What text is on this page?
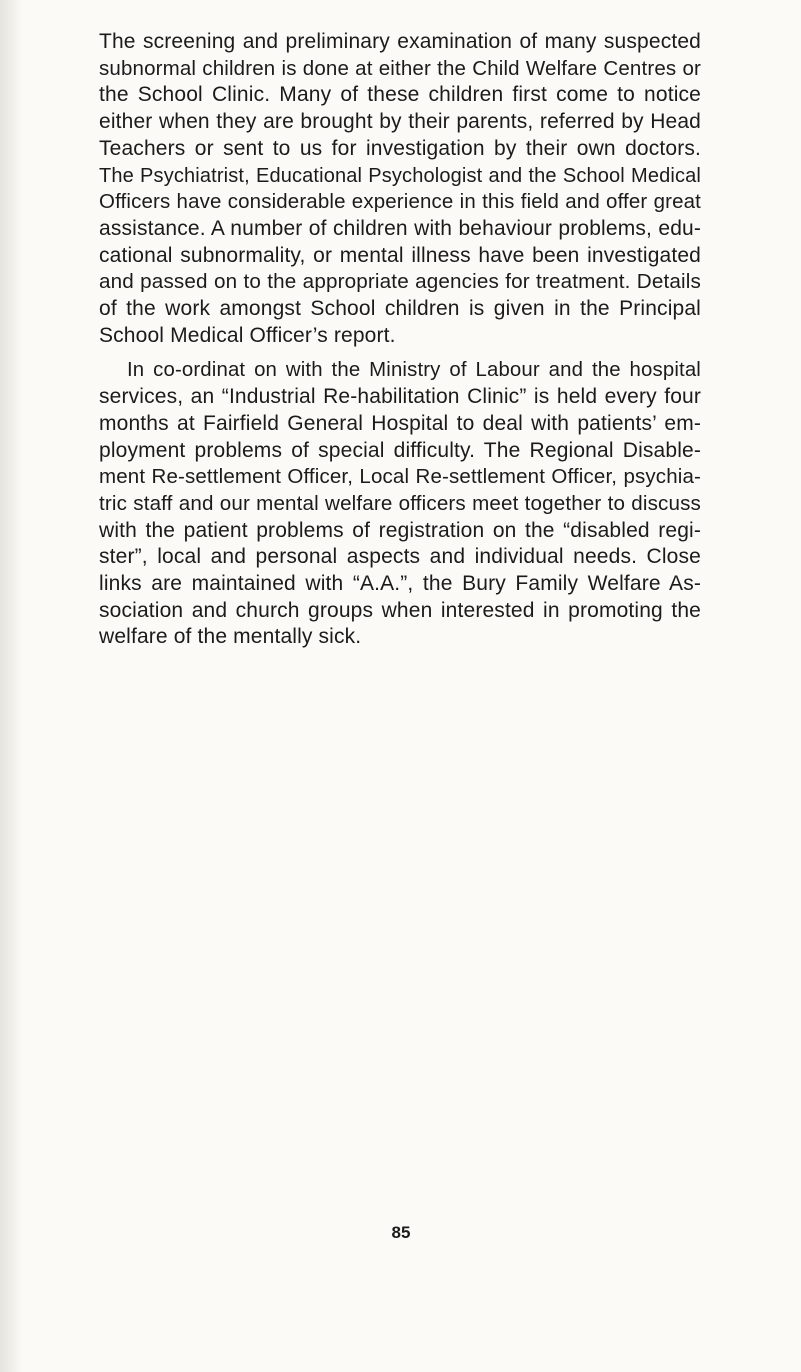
The screening and preliminary examination of many suspected
subnormal children is done at either the Child Welfare Centres or
the School Clinic. Many of these children first come to notice
either when they are brought by their parents, referred by Head
Teachers or sent to us for investigation by their own doctors.
The Psychiatrist, Educational Psychologist and the School Medical
Officers have considerable experience in this field and offer great
assistance. A number of children with behaviour problems, edu-
cational subnormality, or mental illness have been investigated
and passed on to the appropriate agencies for treatment. Details
of the work amongst School children is given in the Principal
School Medical Officer’s report.

In co-ordinat on with the Ministry of Labour and the hospital
services, an “Industrial Re-habilitation Clinic” is held every four
months at Fairfield General Hospital to deal with patients’ em-
ployment problems of special difficulty. The Regional Disable-
ment Re-settlement Officer, Local Re-settlement Officer, psychia-
tric staff and our mental welfare officers meet together to discuss
with the patient problems of registration on the “disabled regi-
ster”, local and personal aspects and individual needs. Close
links are maintained with “A.A.”, the Bury Family Welfare As-
sociation and church groups when interested in promoting the
welfare of the mentally sick.

85
